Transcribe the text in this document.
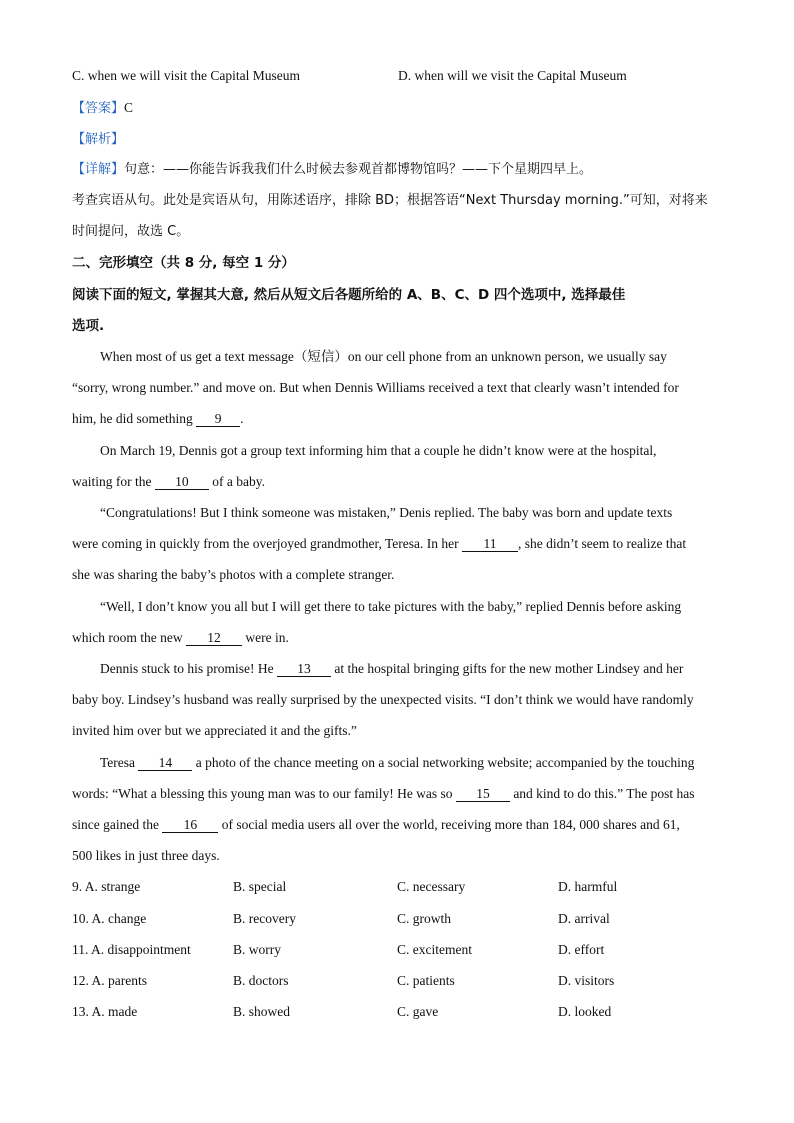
C. when we will visit the Capital Museum	D. when will we visit the Capital Museum
【答案】C
【解析】
【详解】句意：——你能告诉我我们什么时候去参观首都博物馆吗？——下个星期四早上。
考查宾语从句。此处是宾语从句，用陈述语序，排除 BD；根据答语“Next Thursday morning.”可知，对将来
时间提问，故选 C。
二、完形填空（共 8 分, 每空 1 分）
阅读下面的短文, 掌握其大意, 然后从短文后各题所给的 A、B、C、D 四个选项中, 选择最佳
选项.
When most of us get a text message（短信）on our cell phone from an unknown person, we usually say
“sorry, wrong number.” and move on. But when Dennis Williams received a text that clearly wasn’t intended for
him, he did something 9 .
On March 19, Dennis got a group text informing him that a couple he didn’t know were at the hospital,
waiting for the 10 of a baby.
“Congratulations! But I think someone was mistaken,” Denis replied. The baby was born and update texts
were coming in quickly from the overjoyed grandmother, Teresa. In her 11 , she didn’t seem to realize that
she was sharing the baby’s photos with a complete stranger.
“Well, I don’t know you all but I will get there to take pictures with the baby,” replied Dennis before asking
which room the new 12 were in.
Dennis stuck to his promise! He 13 at the hospital bringing gifts for the new mother Lindsey and her
baby boy. Lindsey’s husband was really surprised by the unexpected visits. “I don’t think we would have randomly
invited him over but we appreciated it and the gifts.”
Teresa 14 a photo of the chance meeting on a social networking website; accompanied by the touching
words: “What a blessing this young man was to our family! He was so 15 and kind to do this.” The post has
since gained the 16 of social media users all over the world, receiving more than 184, 000 shares and 61,
500 likes in just three days.
9. A. strange	B. special	C. necessary	D. harmful
10. A. change	B. recovery	C. growth	D. arrival
11. A. disappointment	B. worry	C. excitement	D. effort
12. A. parents	B. doctors	C. patients	D. visitors
13. A. made	B. showed	C. gave	D. looked
